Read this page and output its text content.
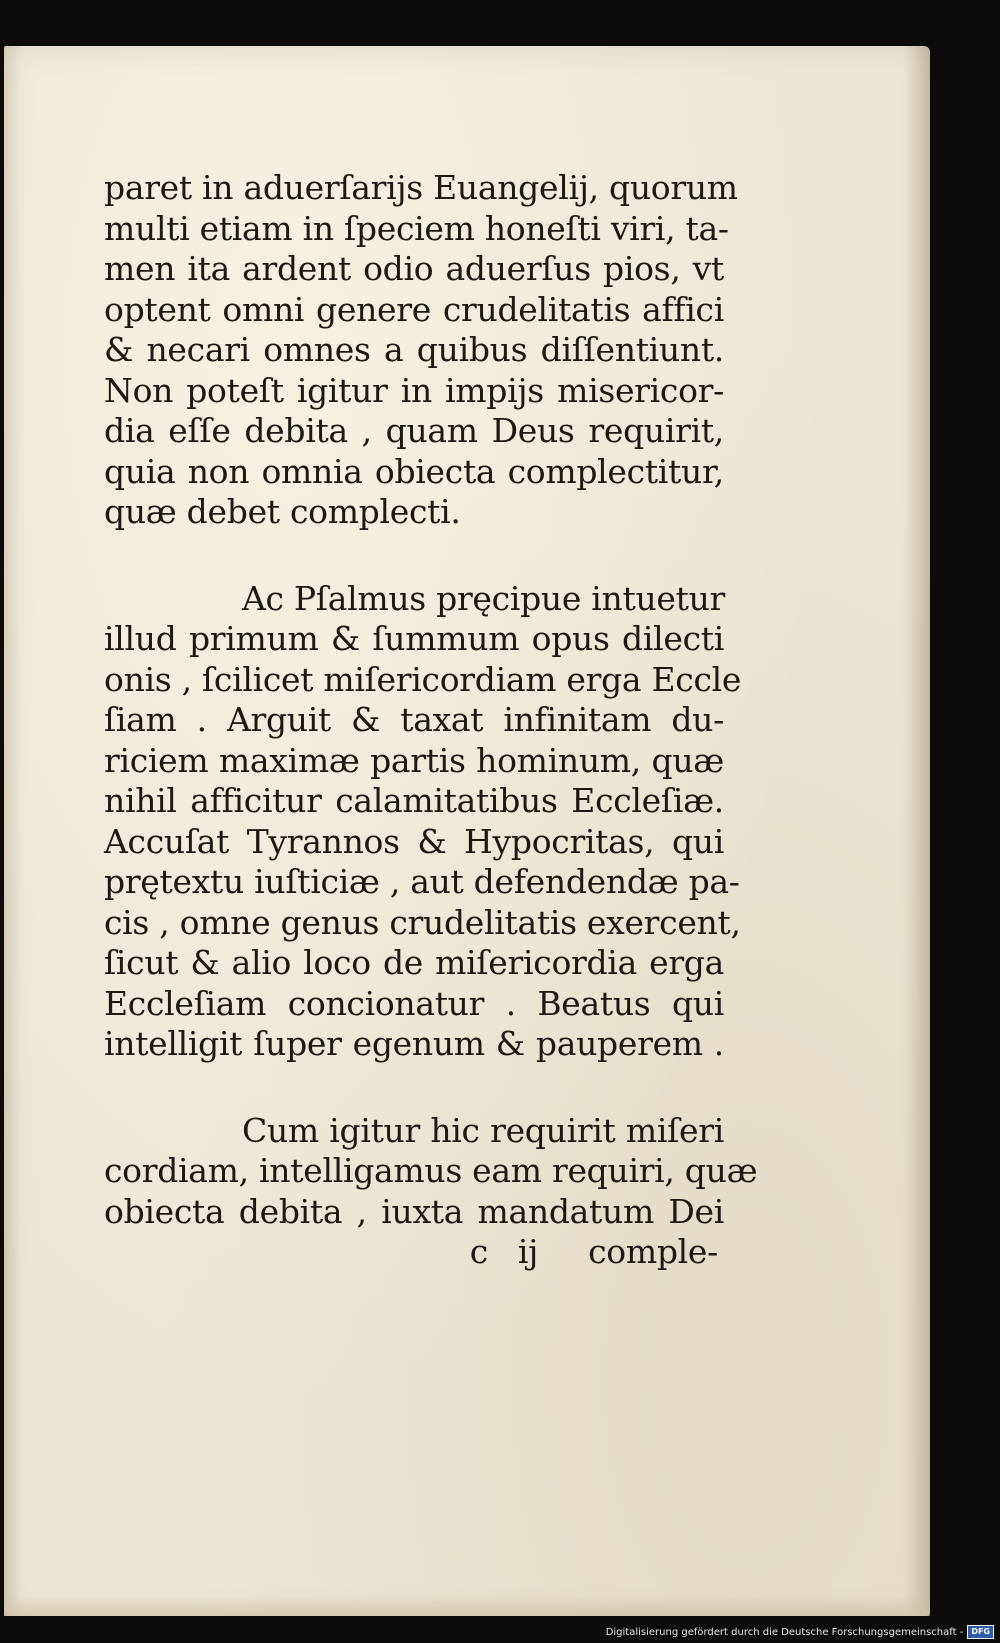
paret in aduerſarijs Euangelij, quorum
multi etiam in ſpeciem honeſti viri, ta-
men ita ardent odio aduerſus pios, vt
optent omni genere crudelitatis affici
& necari omnes a quibus diſſentiunt.
Non poteſt igitur in impijs misericor-
dia eſſe debita , quam Deus requirit,
quia non omnia obiecta complectitur,
quæ debet complecti.

Ac Pſalmus pręcipue intuetur
illud primum & ſummum opus dilecti
onis , ſcilicet miſericordiam erga Eccle
ſiam . Arguit & taxat infinitam du-
riciem maximæ partis hominum, quæ
nihil afficitur calamitatibus Eccleſiæ.
Accuſat Tyrannos & Hypocritas, qui
prętextu iuſticiæ , aut defendendæ pa-
cis , omne genus crudelitatis exercent,
ſicut & alio loco de miſericordia erga
Eccleſiam concionatur . Beatus qui
intelligit ſuper egenum & pauperem .

Cum igitur hic requirit miſeri
cordiam, intelligamus eam requiri, quæ
obiecta debita , iuxta mandatum Dei

c ij comple-
Digitalisierung gefördert durch die Deutsche Forschungsgemeinschaft -	DFG
